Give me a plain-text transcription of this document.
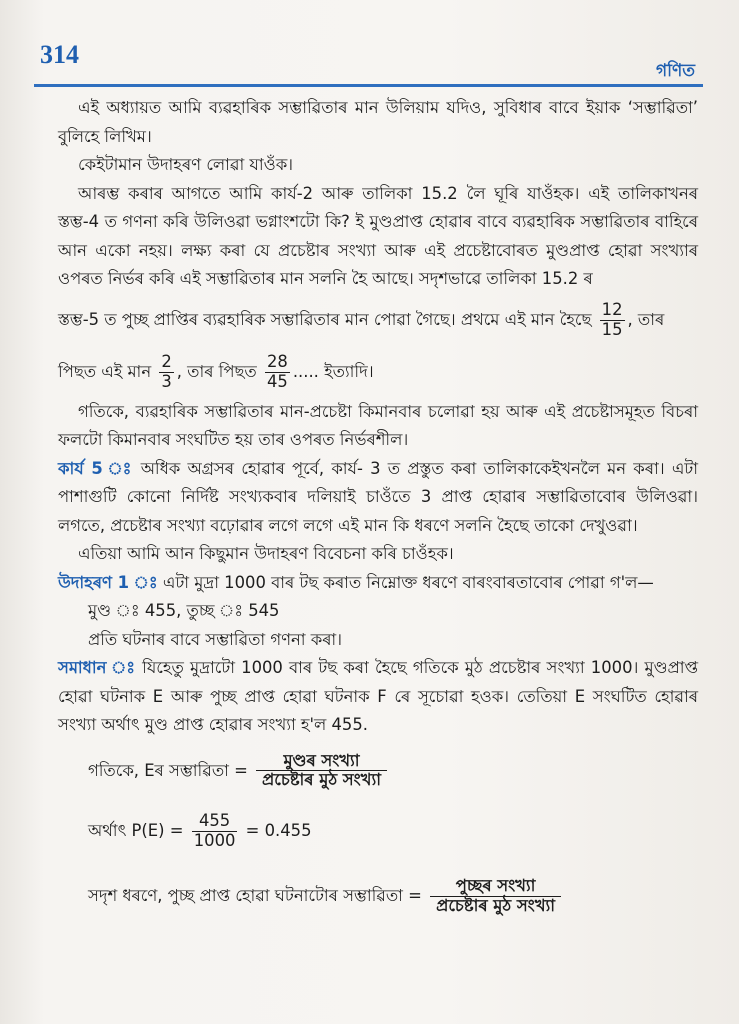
314
গণিত

এই অধ্যায়ত আমি ব্যৱহাৰিক সম্ভাৱিতাৰ মান উলিয়াম যদিও, সুবিধাৰ বাবে ইয়াক ‘সম্ভাৱিতা’ বুলিহে লিখিম।

কেইটামান উদাহৰণ লোৱা যাওঁক।

আৰম্ভ কৰাৰ আগতে আমি কাৰ্য-2 আৰু তালিকা 15.2 লৈ ঘূৰি যাওঁহক। এই তালিকাখনৰ স্তম্ভ-4 ত গণনা কৰি উলিওৱা ভগ্নাংশটো কি? ই মুণ্ডপ্ৰাপ্ত হোৱাৰ বাবে ব্যৱহাৰিক সম্ভাৱিতাৰ বাহিৰে আন একো নহয়। লক্ষ্য কৰা যে প্ৰচেষ্টাৰ সংখ্যা আৰু এই প্ৰচেষ্টাবোৰত মুণ্ডপ্ৰাপ্ত হোৱা সংখ্যাৰ ওপৰত নিৰ্ভৰ কৰি এই সম্ভাৱিতাৰ মান সলনি হৈ আছে। সদৃশভাৱে তালিকা 15.2 ৰ

স্তম্ভ-5 ত পুচ্ছ প্ৰাপ্তিৰ ব্যৱহাৰিক সম্ভাৱিতাৰ মান পোৱা গৈছে। প্ৰথমে এই মান হৈছে $\frac{12}{15}$ , তাৰ

পিছত এই মান $\frac{2}{3}$ , তাৰ পিছত $\frac{28}{45}$ ..... ইত্যাদি।

গতিকে, ব্যৱহাৰিক সম্ভাৱিতাৰ মান-প্ৰচেষ্টা কিমানবাৰ চলোৱা হয় আৰু এই প্ৰচেষ্টাসমূহত বিচৰা ফলটো কিমানবাৰ সংঘটিত হয় তাৰ ওপৰত নিৰ্ভৰশীল।

কাৰ্য 5 ঃ অধিক অগ্ৰসৰ হোৱাৰ পূৰ্বে, কাৰ্য- 3 ত প্ৰস্তুত কৰা তালিকাকেইখনলৈ মন কৰা। এটা পাশাগুটি কোনো নিৰ্দিষ্ট সংখ্যকবাৰ দলিয়াই চাওঁতে 3 প্ৰাপ্ত হোৱাৰ সম্ভাৱিতাবোৰ উলিওৱা। লগতে, প্ৰচেষ্টাৰ সংখ্যা বঢ়োৱাৰ লগে লগে এই মান কি ধৰণে সলনি হৈছে তাকো দেখুওৱা।

এতিয়া আমি আন কিছুমান উদাহৰণ বিবেচনা কৰি চাওঁহক।

উদাহৰণ 1 ঃ এটা মুদ্ৰা 1000 বাৰ টছ কৰাত নিম্নোক্ত ধৰণে বাৰংবাৰতাবোৰ পোৱা গ'ল—

মুণ্ড ঃ 455, তুচ্ছ ঃ 545

প্ৰতি ঘটনাৰ বাবে সম্ভাৱিতা গণনা কৰা।

সমাধান ঃ যিহেতু মুদ্ৰাটো 1000 বাৰ টছ কৰা হৈছে গতিকে মুঠ প্ৰচেষ্টাৰ সংখ্যা 1000। মুণ্ডপ্ৰাপ্ত হোৱা ঘটনাক E আৰু পুচ্ছ প্ৰাপ্ত হোৱা ঘটনাক F ৰে সূচোৱা হওক। তেতিয়া E সংঘটিত হোৱাৰ সংখ্যা অৰ্থাৎ মুণ্ড প্ৰাপ্ত হোৱাৰ সংখ্যা হ'ল 455.

গতিকে, Eৰ সম্ভাৱিতা = $\frac{\text{মুণ্ডৰ সংখ্যা}}{\text{প্ৰচেষ্টাৰ মুঠ সংখ্যা}}$
অৰ্থাৎ $P(E) = \frac{455}{1000} = 0.455$
সদৃশ ধৰণে, পুচ্ছ প্ৰাপ্ত হোৱা ঘটনাটোৰ সম্ভাৱিতা = $\frac{\text{পুচ্ছৰ সংখ্যা}}{\text{প্ৰচেষ্টাৰ মুঠ সংখ্যা}}$
